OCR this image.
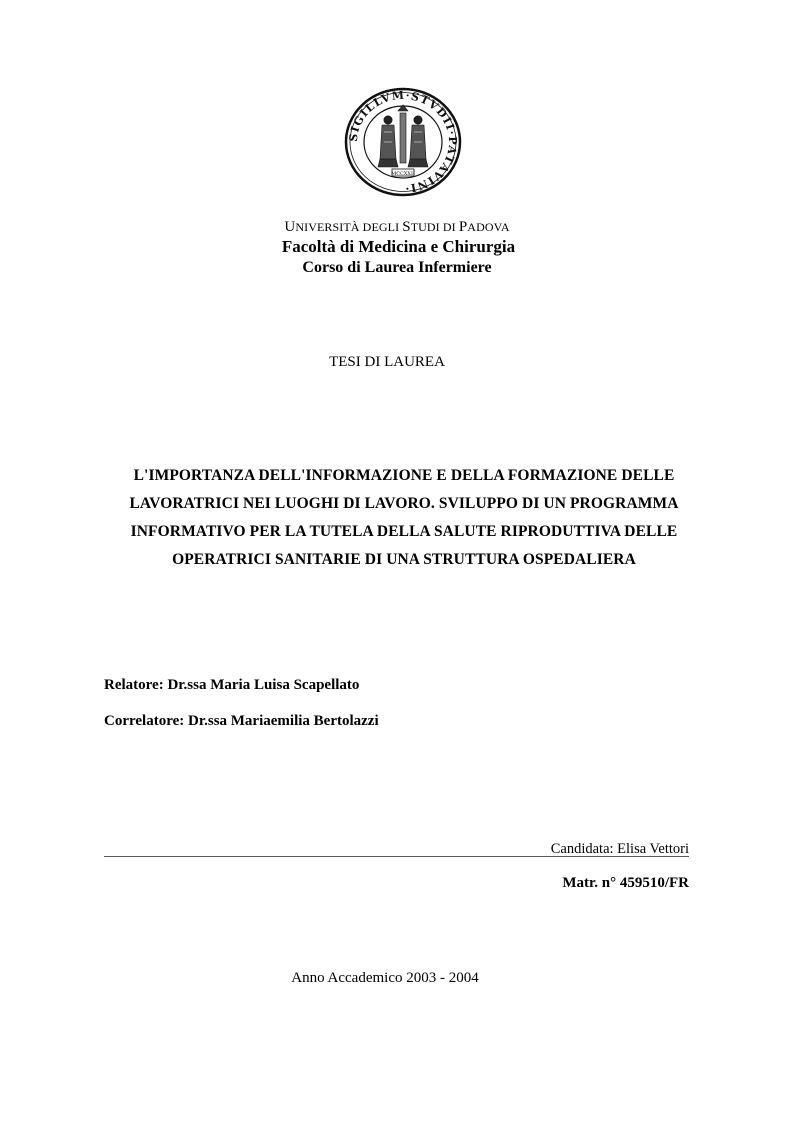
SIGILLVM·STVDII·PATAVINI·
MCCXXII
UNIVERSITÀ DEGLI STUDI DI PADOVA
Facoltà di Medicina e Chirurgia
Corso di Laurea Infermiere
TESI DI LAUREA
L'IMPORTANZA DELL'INFORMAZIONE E DELLA FORMAZIONE DELLE
LAVORATRICI NEI LUOGHI DI LAVORO. SVILUPPO DI UN PROGRAMMA
INFORMATIVO PER LA TUTELA DELLA SALUTE RIPRODUTTIVA DELLE
OPERATRICI SANITARIE DI UNA STRUTTURA OSPEDALIERA
Relatore: Dr.ssa Maria Luisa Scapellato
Correlatore: Dr.ssa Mariaemilia Bertolazzi
Candidata: Elisa Vettori
Matr. n° 459510/FR
Anno Accademico 2003 - 2004
